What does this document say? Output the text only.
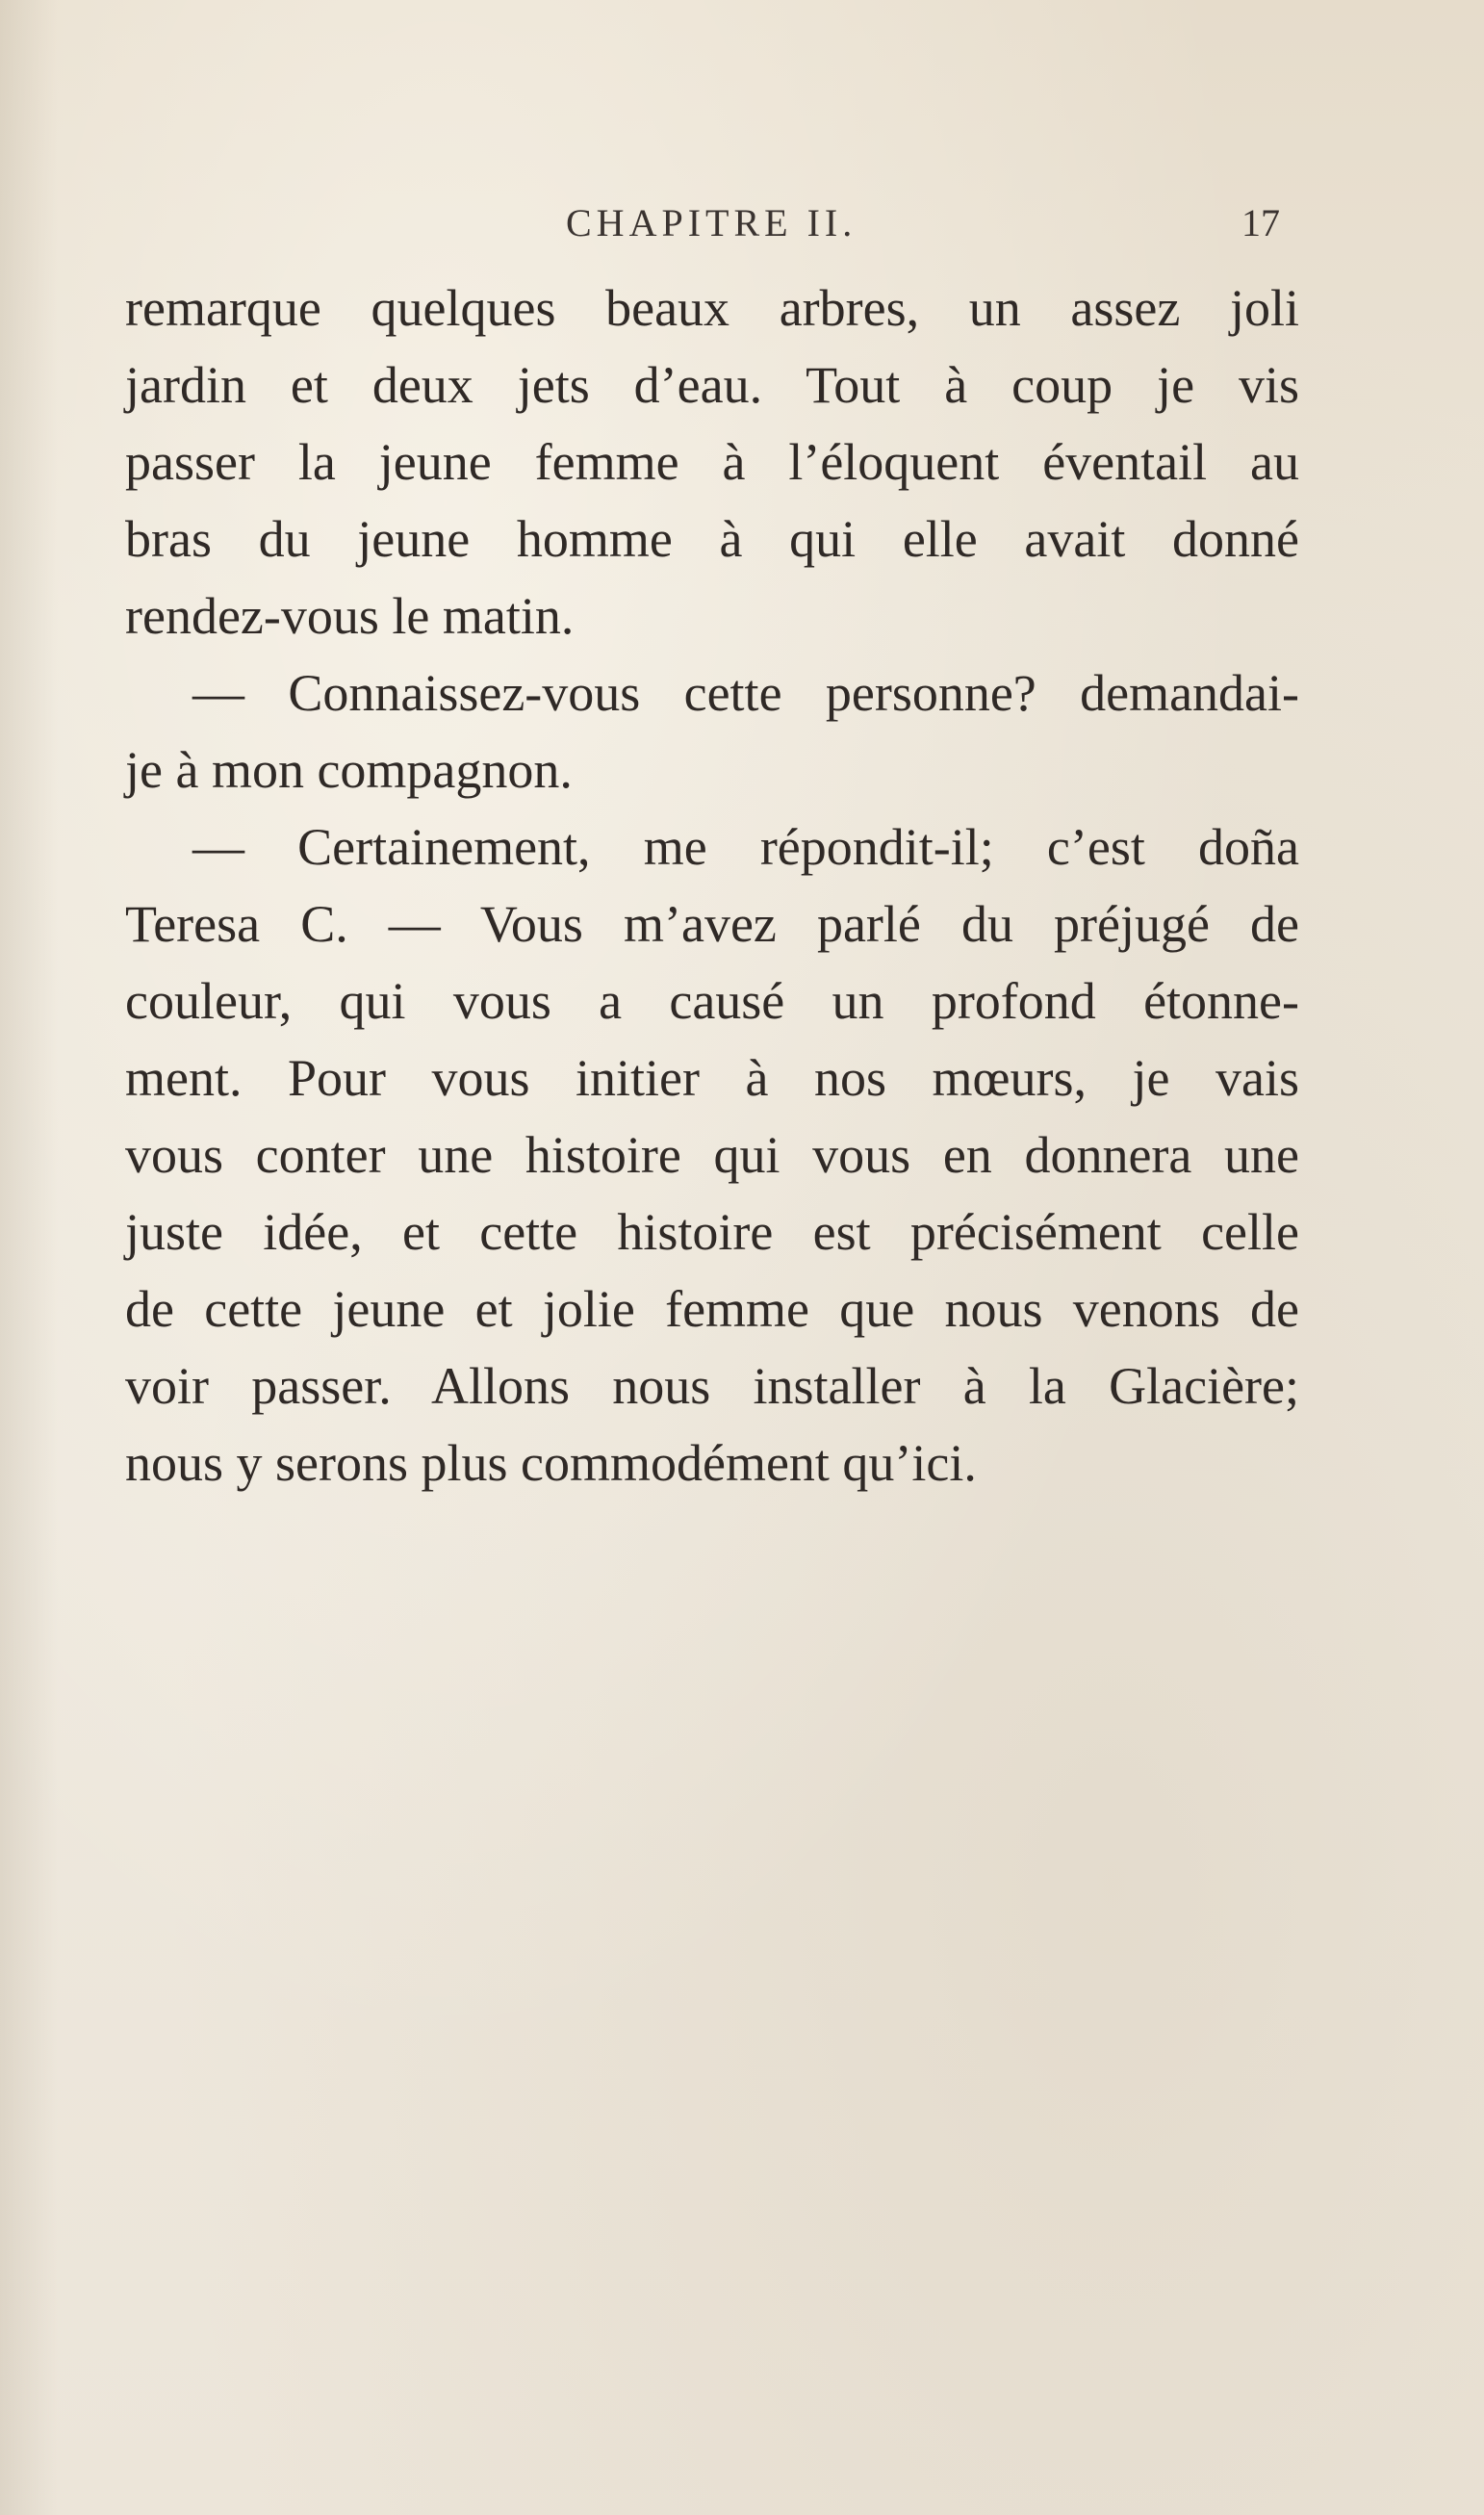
CHAPITRE II.	17
remarque quelques beaux arbres, un assez joli
jardin et deux jets d’eau. Tout à coup je vis
passer la jeune femme à l’éloquent éventail au
bras du jeune homme à qui elle avait donné
rendez-vous le matin.
— Connaissez-vous cette personne? demandai-
je à mon compagnon.
— Certainement, me répondit-il; c’est doña
Teresa C. — Vous m’avez parlé du préjugé de
couleur, qui vous a causé un profond étonne-
ment. Pour vous initier à nos mœurs, je vais
vous conter une histoire qui vous en donnera une
juste idée, et cette histoire est précisément celle
de cette jeune et jolie femme que nous venons de
voir passer. Allons nous installer à la Glacière;
nous y serons plus commodément qu’ici.
